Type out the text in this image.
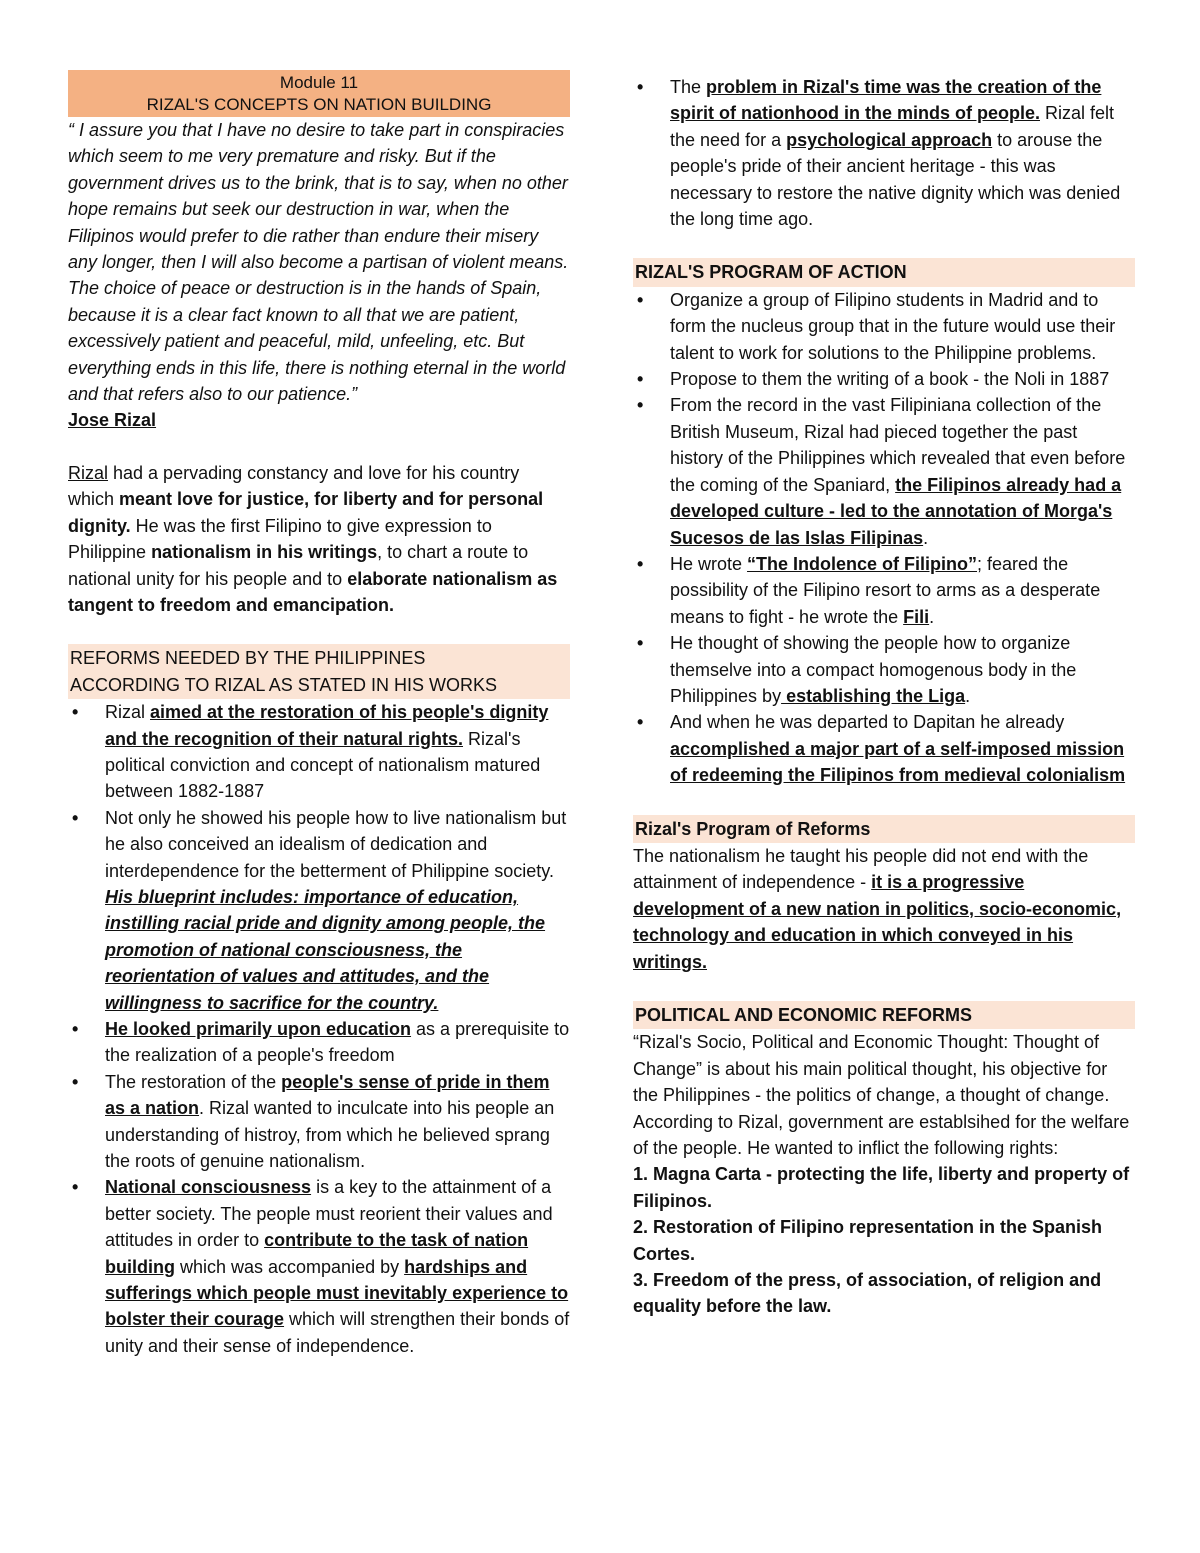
Module 11
RIZAL'S CONCEPTS ON NATION BUILDING

“ I assure you that I have no desire to take part in conspiracies which seem to me very premature and risky. But if the government drives us to the brink, that is to say, when no other hope remains but seek our destruction in war, when the Filipinos would prefer to die rather than endure their misery any longer, then I will also become a partisan of violent means. The choice of peace or destruction is in the hands of Spain, because it is a clear fact known to all that we are patient, excessively patient and peaceful, mild, unfeeling, etc. But everything ends in this life, there is nothing eternal in the world and that refers also to our patience.”

Jose Rizal

Rizal had a pervading constancy and love for his country which meant love for justice, for liberty and for personal dignity. He was the first Filipino to give expression to Philippine nationalism in his writings, to chart a route to national unity for his people and to elaborate nationalism as tangent to freedom and emancipation.

REFORMS NEEDED BY THE PHILIPPINES
ACCORDING TO RIZAL AS STATED IN HIS WORKS
• Rizal aimed at the restoration of his people's dignity and the recognition of their natural rights. Rizal's political conviction and concept of nationalism matured between 1882-1887
• Not only he showed his people how to live nationalism but he also conceived an idealism of dedication and interdependence for the betterment of Philippine society. His blueprint includes: importance of education, instilling racial pride and dignity among people, the promotion of national consciousness, the reorientation of values and attitudes, and the willingness to sacrifice for the country.
• He looked primarily upon education as a prerequisite to the realization of a people's freedom
• The restoration of the people's sense of pride in them as a nation. Rizal wanted to inculcate into his people an understanding of histroy, from which he believed sprang the roots of genuine nationalism.
• National consciousness is a key to the attainment of a better society. The people must reorient their values and attitudes in order to contribute to the task of nation building which was accompanied by hardships and sufferings which people must inevitably experience to bolster their courage which will strengthen their bonds of unity and their sense of independence.
• The problem in Rizal's time was the creation of the spirit of nationhood in the minds of people. Rizal felt the need for a psychological approach to arouse the people's pride of their ancient heritage - this was necessary to restore the native dignity which was denied the long time ago.
RIZAL'S PROGRAM OF ACTION
• Organize a group of Filipino students in Madrid and to form the nucleus group that in the future would use their talent to work for solutions to the Philippine problems.
• Propose to them the writing of a book - the Noli in 1887
• From the record in the vast Filipiniana collection of the British Museum, Rizal had pieced together the past history of the Philippines which revealed that even before the coming of the Spaniard, the Filipinos already had a developed culture - led to the annotation of Morga's Sucesos de las Islas Filipinas.
• He wrote “The Indolence of Filipino”; feared the possibility of the Filipino resort to arms as a desperate means to fight - he wrote the Fili.
• He thought of showing the people how to organize themselve into a compact homogenous body in the Philippines by establishing the Liga.
• And when he was departed to Dapitan he already accomplished a major part of a self-imposed mission of redeeming the Filipinos from medieval colonialism
Rizal's Program of Reforms

The nationalism he taught his people did not end with the attainment of independence - it is a progressive development of a new nation in politics, socio-economic, technology and education in which conveyed in his writings.

POLITICAL AND ECONOMIC REFORMS

“Rizal's Socio, Political and Economic Thought: Thought of Change” is about his main political thought, his objective for the Philippines - the politics of change, a thought of change.

According to Rizal, government are establsihed for the welfare of the people. He wanted to inflict the following rights:

1. Magna Carta - protecting the life, liberty and property of Filipinos.

2. Restoration of Filipino representation in the Spanish Cortes.

3. Freedom of the press, of association, of religion and equality before the law.
